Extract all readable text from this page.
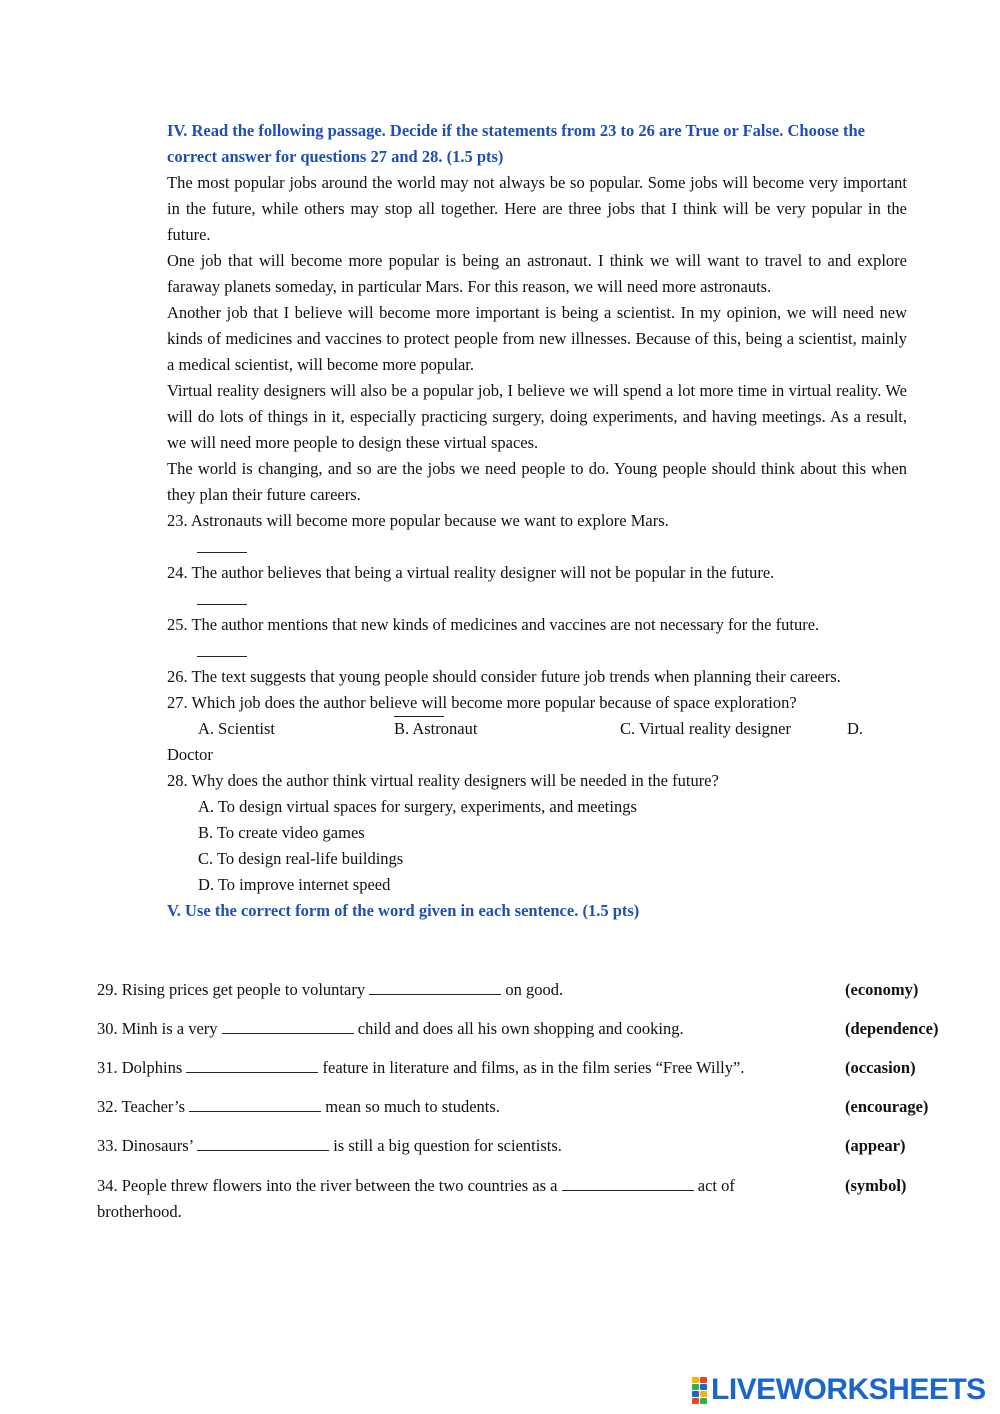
IV. Read the following passage. Decide if the statements from 23 to 26 are True or False. Choose the correct answer for questions 27 and 28. (1.5 pts)

The most popular jobs around the world may not always be so popular. Some jobs will become very important in the future, while others may stop all together. Here are three jobs that I think will be very popular in the future.

One job that will become more popular is being an astronaut. I think we will want to travel to and explore faraway planets someday, in particular Mars. For this reason, we will need more astronauts.

Another job that I believe will become more important is being a scientist. In my opinion, we will need new kinds of medicines and vaccines to protect people from new illnesses. Because of this, being a scientist, mainly a medical scientist, will become more popular.

Virtual reality designers will also be a popular job, I believe we will spend a lot more time in virtual reality. We will do lots of things in it, especially practicing surgery, doing experiments, and having meetings. As a result, we will need more people to design these virtual spaces.

The world is changing, and so are the jobs we need people to do. Young people should think about this when they plan their future careers.

23. Astronauts will become more popular because we want to explore Mars.

24. The author believes that being a virtual reality designer will not be popular in the future.

25. The author mentions that new kinds of medicines and vaccines are not necessary for the future.

26. The text suggests that young people should consider future job trends when planning their careers.

27. Which job does the author believe will become more popular because of space exploration?

A. Scientist	B. Astronaut	C. Virtual reality designer	D.

Doctor

28. Why does the author think virtual reality designers will be needed in the future?

A. To design virtual spaces for surgery, experiments, and meetings

B. To create video games

C. To design real-life buildings

D. To improve internet speed

V. Use the correct form of the word given in each sentence. (1.5 pts)

29. Rising prices get people to voluntary	on good.	(economy)
30. Minh is a very	child and does all his own shopping and cooking.	(dependence)
31. Dolphins	feature in literature and films, as in the film series “Free Willy”.	(occasion)
32. Teacher’s	mean so much to students.	(encourage)
33. Dinosaurs’	is still a big question for scientists.	(appear)
34. People threw flowers into the river between the two countries as a	act of brotherhood.
(symbol)
LIVEWORKSHEETS
